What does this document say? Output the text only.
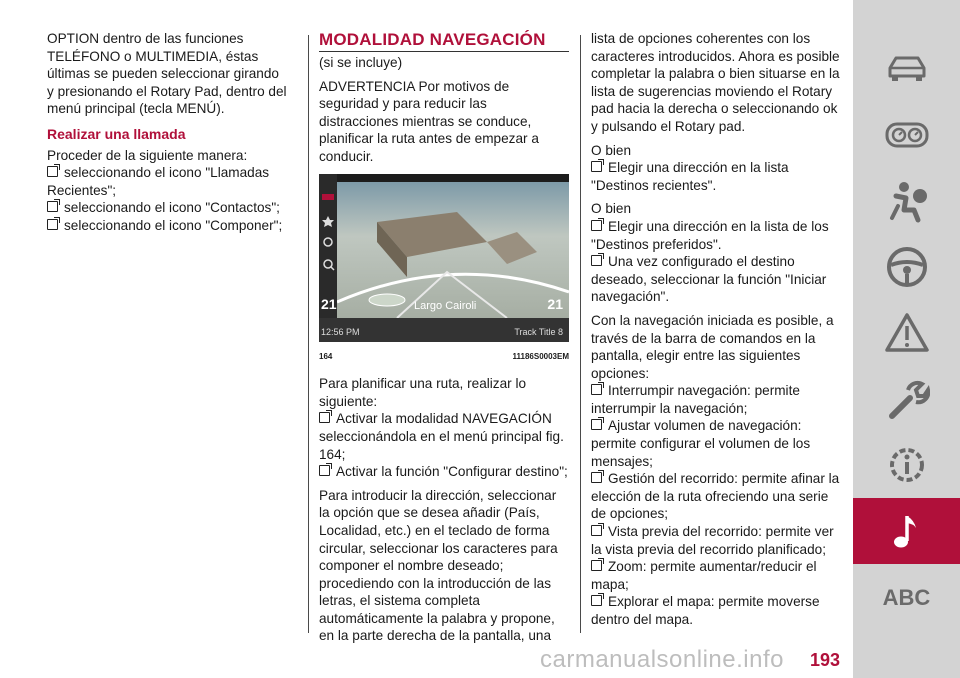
OPTION dentro de las funciones TELÉFONO o MULTIMEDIA, éstas últimas se pueden seleccionar girando y presionando el Rotary Pad, dentro del menú principal (tecla MENÚ).

Realizar una llamada
Proceder de la siguiente manera:
seleccionando el icono "Llamadas Recientes";
seleccionando el icono "Contactos";
seleccionando el icono "Componer";
MODALIDAD NAVEGACIÓN

(si se incluye)

ADVERTENCIA Por motivos de seguridad y para reducir las distracciones mientras se conduce, planificar la ruta antes de empezar a conducir.

21	Largo Cairoli	21
12:56 PM	Track Title 8
164	11186S0003EM
Para planificar una ruta, realizar lo siguiente:
Activar la modalidad NAVEGACIÓN seleccionándola en el menú principal fig. 164;
Activar la función "Configurar destino";

Para introducir la dirección, seleccionar la opción que se desea añadir (País, Localidad, etc.) en el teclado de forma circular, seleccionar los caracteres para componer el nombre deseado; procediendo con la introducción de las letras, el sistema completa automáticamente la palabra y propone, en la parte derecha de la pantalla, una

lista de opciones coherentes con los caracteres introducidos. Ahora es posible completar la palabra o bien situarse en la lista de sugerencias moviendo el Rotary pad hacia la derecha o seleccionando ok y pulsando el Rotary pad.

O bien
Elegir una dirección en la lista "Destinos recientes".
O bien
Elegir una dirección en la lista de los "Destinos preferidos".
Una vez configurado el destino deseado, seleccionar la función "Iniciar navegación".
Con la navegación iniciada es posible, a través de la barra de comandos en la pantalla, elegir entre las siguientes opciones:
Interrumpir navegación: permite interrumpir la navegación;
Ajustar volumen de navegación: permite configurar el volumen de los mensajes;
Gestión del recorrido: permite afinar la elección de la ruta ofreciendo una serie de opciones;
Vista previa del recorrido: permite ver la vista previa del recorrido planificado;
Zoom: permite aumentar/reducir el mapa;
Explorar el mapa: permite moverse dentro del mapa.
ABC
carmanualsonline.info 193
